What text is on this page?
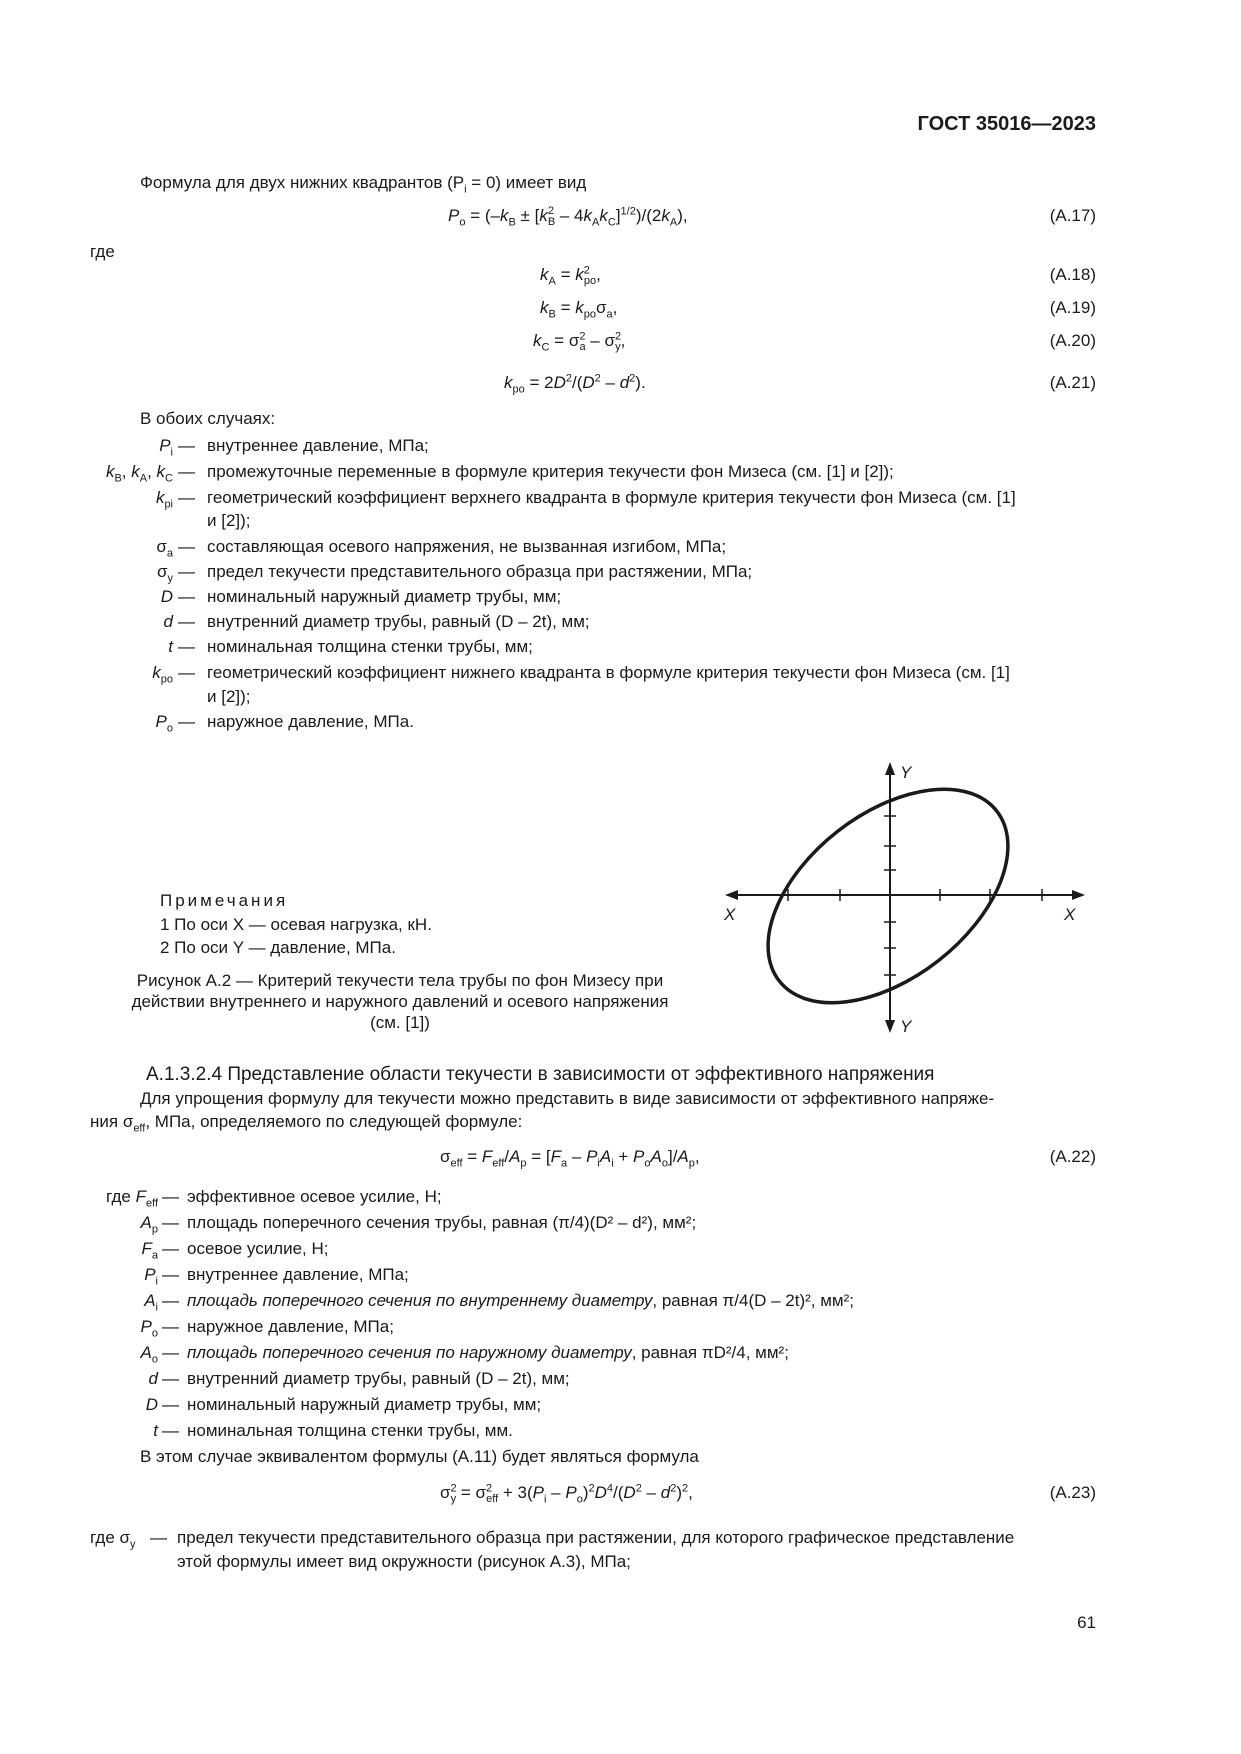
ГОСТ 35016—2023
Формула для двух нижних квадрантов $(P_i = 0)$ имеет вид
$P_o = (-k_B \pm [k$ 2
B – $4k_Ak_C]^{1/2})/(2k_A)$,	(A.17)
где
$k_A = k^2_{po}$,	(A.18)
$k_B = k_{po}\sigma_a$,	(A.19)
$k_C = \sigma^2_a - \sigma^2_y$,	(A.20)
$k_{po} = 2D^2/(D^2 - d^2)$.	(A.21)
В обоих случаях:
$P_i$ — внутреннее давление, МПа;
$k_B$, $k_A$, $k_C$ — промежуточные переменные в формуле критерия текучести фон Мизеса (см. [1] и [2]);
$k_{pi}$ — геометрический коэффициент верхнего квадранта в формуле критерия текучести фон Мизеса (см. [1]
и [2]);
$\sigma_a$ — составляющая осевого напряжения, не вызванная изгибом, МПа;
$\sigma_y$ — предел текучести представительного образца при растяжении, МПа;
D — номинальный наружный диаметр трубы, мм;
d — внутренний диаметр трубы, равный (D – 2t), мм;
t — номинальная толщина стенки трубы, мм;
$k_{po}$ — геометрический коэффициент нижнего квадранта в формуле критерия текучести фон Мизеса (см. [1]
и [2]);
$P_o$ — наружное давление, МПа.
Примечания
1 По оси X — осевая нагрузка, кН.
2 По оси Y — давление, МПа.
Рисунок A.2 — Критерий текучести тела трубы по фон Мизесу при действии внутреннего и наружного давлений и осевого напряжения (см. [1])
X	X
Y
Y
A.1.3.2.4 Представление области текучести в зависимости от эффективного напряжения
Для упрощения формулу для текучести можно представить в виде зависимости от эффективного напряже-
ния $\sigma_{eff}$, МПа, определяемого по следующей формуле:
$\sigma_{eff} = F_{eff}/A_p = [F_a - P_iA_i + P_oA_o]/A_p$,	(A.22)
где $F_{eff}$ — эффективное осевое усилие, Н;
$A_p$ — площадь поперечного сечения трубы, равная (π/4)(D² – d²), мм²;
$F_a$ — осевое усилие, Н;
$P_i$ — внутреннее давление, МПа;
$A_i$ — площадь поперечного сечения по внутреннему диаметру, равная π/4(D – 2t)², мм²;
$P_o$ — наружное давление, МПа;
$A_o$ — площадь поперечного сечения по наружному диаметру, равная πD²/4, мм²;
d — внутренний диаметр трубы, равный (D – 2t), мм;
D — номинальный наружный диаметр трубы, мм;
t — номинальная толщина стенки трубы, мм.
В этом случае эквивалентом формулы (A.11) будет являться формула
$\sigma^2_y = \sigma^2_{eff} + 3(P_i - P_o)^2D^4/(D^2 - d^2)^2$,	(A.23)
где $\sigma_y$ — предел текучести представительного образца при растяжении, для которого графическое представление
этой формулы имеет вид окружности (рисунок A.3), МПа;
61
